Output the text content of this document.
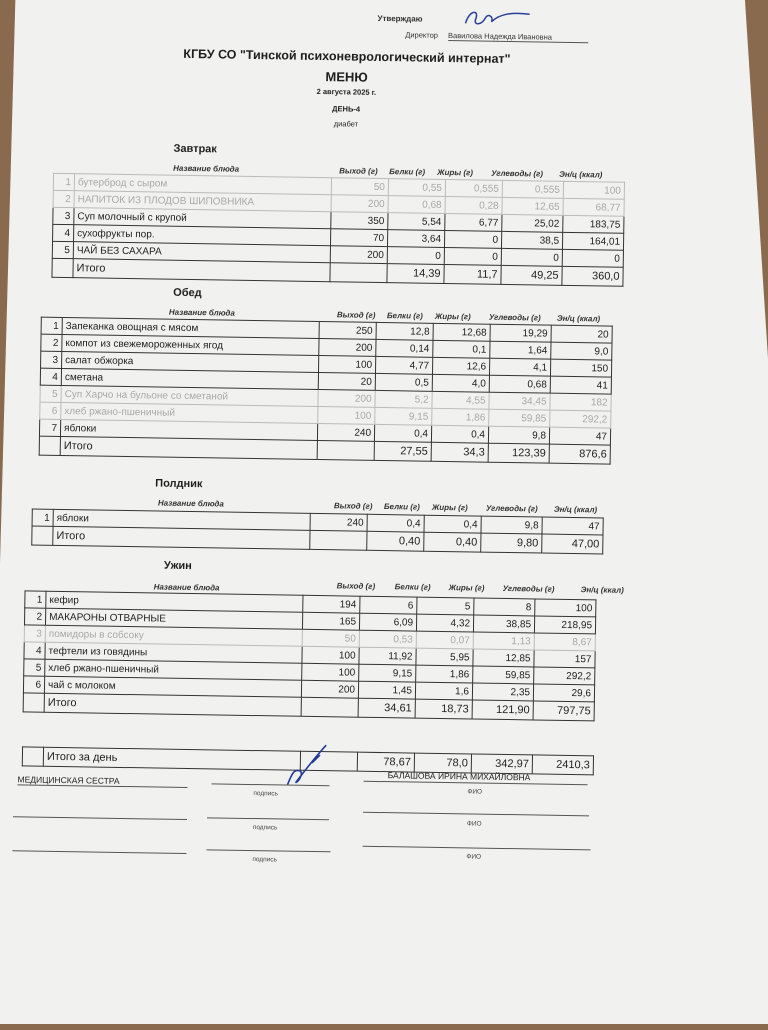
Утверждаю
Директор Вавилова Надежда Ивановна
КГБУ СО "Тинской психоневрологический интернат"
МЕНЮ
2 августа 2025 г.
ДЕНЬ-4
диабет
Завтрак
Название блюда	Выход (г) Белки (г) Жиры (г) Углеводы (г) Эн/ц (ккал)
1	бутерброд с сыром	50	0,55	0,555	0,555	100
2	НАПИТОК ИЗ ПЛОДОВ ШИПОВНИКА	200	0,68	0,28	12,65	68,77
3	Суп молочный с крупой	350	5,54	6,77	25,02	183,75
4	сухофрукты пор.	70	3,64	0	38,5	164,01
5	ЧАЙ БЕЗ САХАРА	200	0	0	0	0
	Итого		14,39	11,7	49,25	360,0
Обед
Название блюда	Выход (г) Белки (г) Жиры (г) Углеводы (г) Эн/ц (ккал)
1	Запеканка овощная с мясом	250	12,8	12,68	19,29	20
2	компот из свежемороженных ягод	200	0,14	0,1	1,64	9,0
3	салат обжорка	100	4,77	12,6	4,1	150
4	сметана	20	0,5	4,0	0,68	41
5	Суп Харчо на бульоне со сметаной	200	5,2	4,55	34,45	182
6	хлеб ржано-пшеничный	100	9,15	1,86	59,85	292,2
7	яблоки	240	0,4	0,4	9,8	47
	Итого		27,55	34,3	123,39	876,6
Полдник
Название блюда	Выход (г) Белки (г) Жиры (г) Углеводы (г) Эн/ц (ккал)
1	яблоки	240	0,4	0,4	9,8	47
	Итого		0,40	0,40	9,80	47,00
Ужин
Название блюда	Выход (г) Белки (г) Жиры (г) Углеводы (г)	Эн/ц (ккал)
1	кефир	194	6	5	8	100
2	МАКАРОНЫ ОТВАРНЫЕ	165	6,09	4,32	38,85	218,95
3	помидоры в собсоку	50	0,53	0,07	1,13	8,67
4	тефтели из говядины	100	11,92	5,95	12,85	157
5	хлеб ржано-пшеничный	100	9,15	1,86	59,85	292,2
6	чай с молоком	200	1,45	1,6	2,35	29,6
	Итого		34,61	18,73	121,90	797,75
	Итого за день		78,67	78,0	342,97	2410,3
МЕДИЦИНСКАЯ СЕСТРА
подпись
БАЛАШОВА ИРИНА МИХАЙЛОВНА
ФИО
подпись
ФИО
подпись	ФИО
